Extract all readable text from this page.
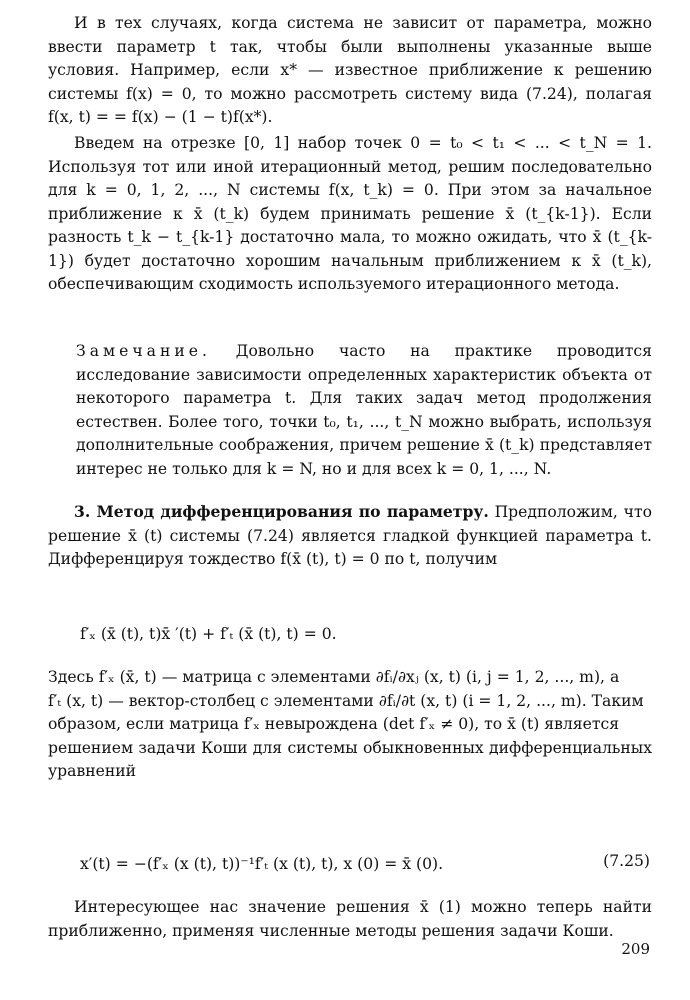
И в тех случаях, когда система не зависит от параметра, можно ввести параметр t так, чтобы были выполнены указанные выше условия. Например, если x* — известное приближение к решению системы f(x) = 0, то можно рассмотреть систему вида (7.24), полагая f(x, t) = = f(x) − (1 − t)f(x*).

Введем на отрезке [0, 1] набор точек 0 = t₀ < t₁ < ... < t_N = 1. Используя тот или иной итерационный метод, решим последовательно для k = 0, 1, 2, ..., N системы f(x, t_k) = 0. При этом за начальное приближение к x̄ (t_k) будем принимать решение x̄ (t_{k-1}). Если разность t_k − t_{k-1} достаточно мала, то можно ожидать, что x̄ (t_{k-1}) будет достаточно хорошим начальным приближением к x̄ (t_k), обеспечивающим сходимость используемого итерационного метода.

Замечание. Довольно часто на практике проводится исследование зависимости определенных характеристик объекта от некоторого параметра t. Для таких задач метод продолжения естествен. Более того, точки t₀, t₁, ..., t_N можно выбрать, используя дополнительные соображения, причем решение x̄ (t_k) представляет интерес не только для k = N, но и для всех k = 0, 1, ..., N.

3. Метод дифференцирования по параметру. Предположим, что решение x̄ (t) системы (7.24) является гладкой функцией параметра t. Дифференцируя тождество f(x̄ (t), t) = 0 по t, получим

f′ₓ (x̄ (t), t)x̄ ′(t) + f′ₜ (x̄ (t), t) = 0.

Здесь f′ₓ (x̄, t) — матрица с элементами ∂fᵢ/∂xⱼ (x, t) (i, j = 1, 2, ..., m), а
f′ₜ (x, t) — вектор-столбец с элементами ∂fᵢ/∂t (x, t) (i = 1, 2, ..., m). Таким
образом, если матрица f′ₓ невырождена (det f′ₓ ≠ 0), то x̄ (t) является
решением задачи Коши для системы обыкновенных дифференциальных уравнений

x′(t) = −(f′ₓ (x (t), t))⁻¹f′ₜ (x (t), t), x (0) = x̄ (0).	(7.25)

Интересующее нас значение решения x̄ (1) можно теперь найти приближенно, применяя численные методы решения задачи Коши.

209
